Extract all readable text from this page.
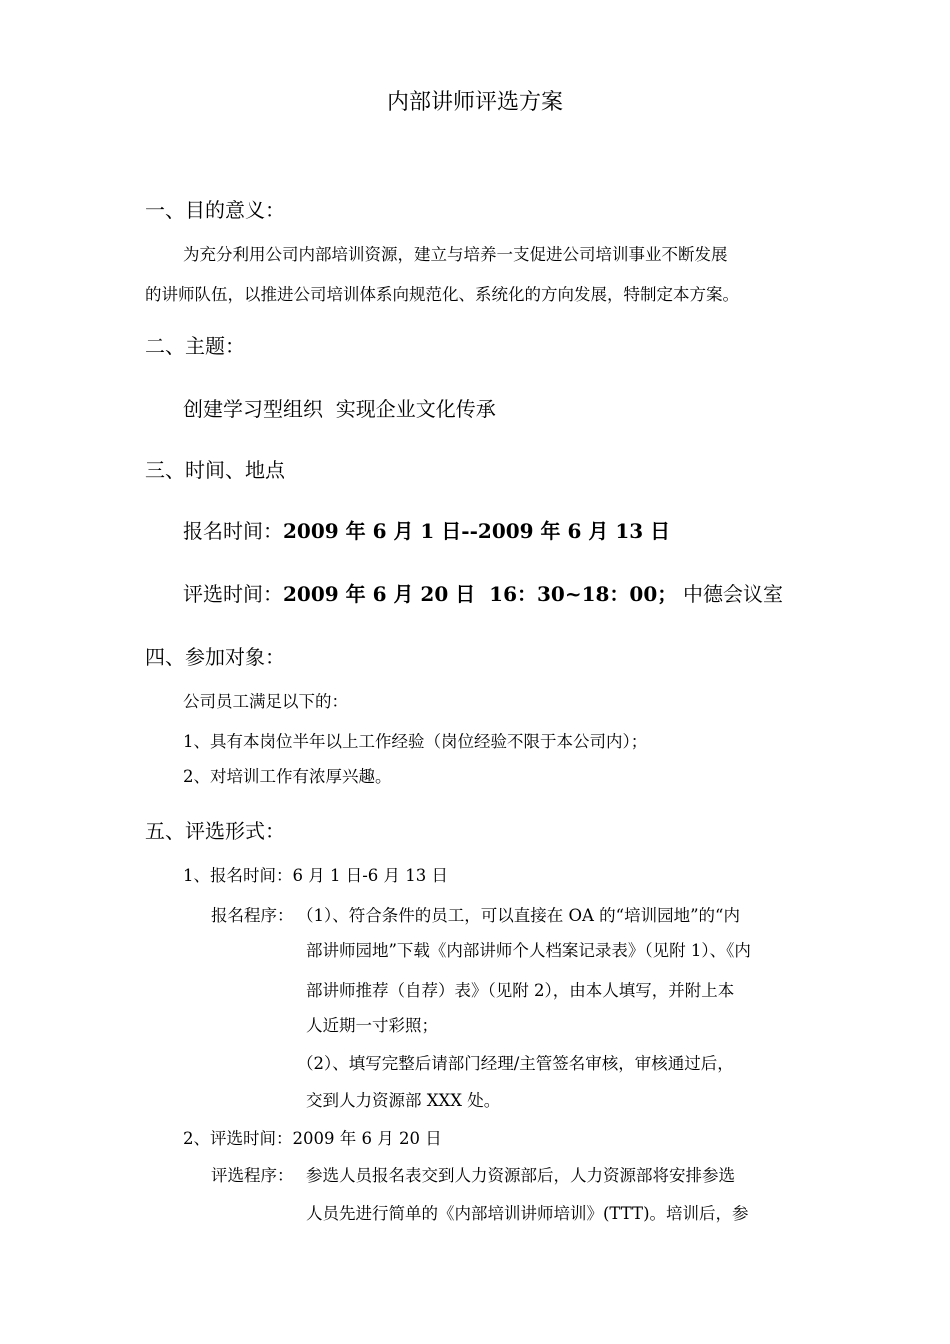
内部讲师评选方案
一、目的意义：
为充分利用公司内部培训资源，建立与培养一支促进公司培训事业不断发展
的讲师队伍，以推进公司培训体系向规范化、系统化的方向发展，特制定本方案。
二、主题：
创建学习型组织  实现企业文化传承
三、时间、地点
报名时间：2009 年 6 月 1 日--2009 年 6 月 13 日
评选时间：2009 年 6 月 20 日  16：30~18：00； 中德会议室
四、参加对象：
公司员工满足以下的：
1、具有本岗位半年以上工作经验（岗位经验不限于本公司内）；
2、对培训工作有浓厚兴趣。
五、评选形式：
1、报名时间：6 月 1 日-6 月 13 日
报名程序： （1）、符合条件的员工，可以直接在 OA 的“培训园地”的“内
部讲师园地”下载《内部讲师个人档案记录表》（见附 1）、《内
部讲师推荐（自荐）表》（见附 2），由本人填写，并附上本
人近期一寸彩照；
（2）、填写完整后请部门经理/主管签名审核，审核通过后，
交到人力资源部 XXX 处。
2、评选时间：2009 年 6 月 20 日
评选程序： 参选人员报名表交到人力资源部后，人力资源部将安排参选
人员先进行简单的《内部培训讲师培训》(TTT)。培训后，参
